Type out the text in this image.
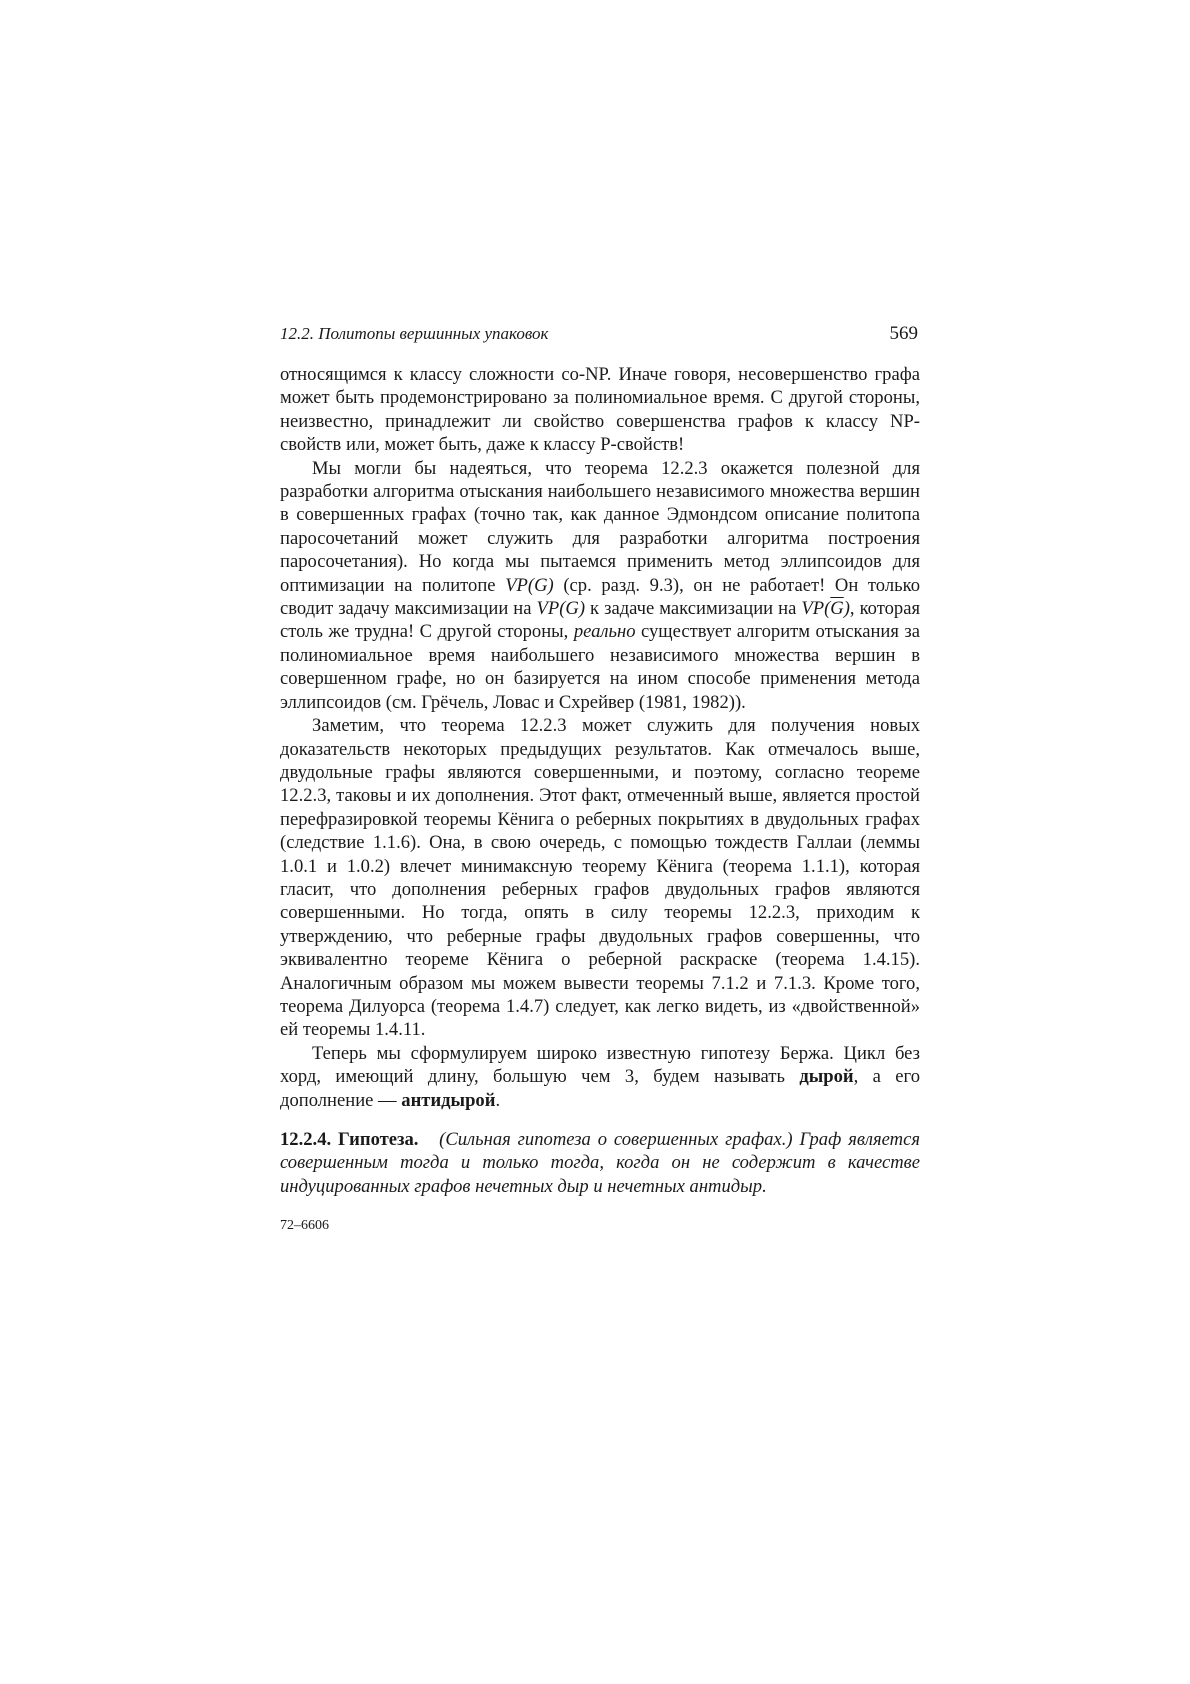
12.2. Политопы вершинных упаковок	569

относящимся к классу сложности co-NP. Иначе говоря, несовершенство графа может быть продемонстрировано за полиномиальное время. С другой стороны, неизвестно, принадлежит ли свойство совершенства графов к классу NP-свойств или, может быть, даже к классу Р-свойств!

Мы могли бы надеяться, что теорема 12.2.3 окажется полезной для разработки алгоритма отыскания наибольшего независимого множества вершин в совершенных графах (точно так, как данное Эдмондсом описание политопа паросочетаний может служить для разработки алгоритма построения паросочетания). Но когда мы пытаемся применить метод эллипсоидов для оптимизации на политопе VP(G) (ср. разд. 9.3), он не работает! Он только сводит задачу максимизации на VP(G) к задаче максимизации на $VP(\overline{G})$, которая столь же трудна! С другой стороны, реально существует алгоритм отыскания за полиномиальное время наибольшего независимого множества вершин в совершенном графе, но он базируется на ином способе применения метода эллипсоидов (см. Грёчель, Ловас и Схрейвер (1981, 1982)).

Заметим, что теорема 12.2.3 может служить для получения новых доказательств некоторых предыдущих результатов. Как отмечалось выше, двудольные графы являются совершенными, и поэтому, согласно теореме 12.2.3, таковы и их дополнения. Этот факт, отмеченный выше, является простой перефразировкой теоремы Кёнига о реберных покрытиях в двудольных графах (следствие 1.1.6). Она, в свою очередь, с помощью тождеств Галлаи (леммы 1.0.1 и 1.0.2) влечет минимаксную теорему Кёнига (теорема 1.1.1), которая гласит, что дополнения реберных графов двудольных графов являются совершенными. Но тогда, опять в силу теоремы 12.2.3, приходим к утверждению, что реберные графы двудольных графов совершенны, что эквивалентно теореме Кёнига о реберной раскраске (теорема 1.4.15). Аналогичным образом мы можем вывести теоремы 7.1.2 и 7.1.3. Кроме того, теорема Дилуорса (теорема 1.4.7) следует, как легко видеть, из «двойственной» ей теоремы 1.4.11.

Теперь мы сформулируем широко известную гипотезу Бержа. Цикл без хорд, имеющий длину, большую чем 3, будем называть дырой, а его дополнение — антидырой.

12.2.4. Гипотеза. (Сильная гипотеза о совершенных графах.) Граф является совершенным тогда и только тогда, когда он не содержит в качестве индуцированных графов нечетных дыр и нечетных антидыр.

72–6606
